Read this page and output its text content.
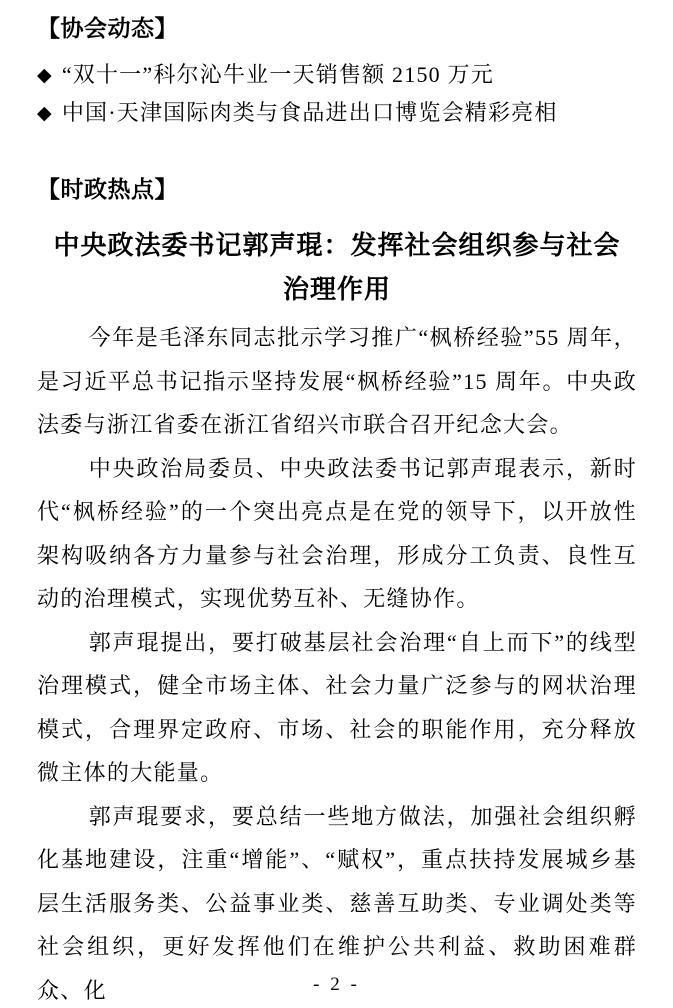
【协会动态】
◆ “双十一”科尔沁牛业一天销售额 2150 万元
◆ 中国·天津国际肉类与食品进出口博览会精彩亮相
【时政热点】
中央政法委书记郭声琨：发挥社会组织参与社会
治理作用

今年是毛泽东同志批示学习推广“枫桥经验”55 周年，是习近平总书记指示坚持发展“枫桥经验”15 周年。中央政法委与浙江省委在浙江省绍兴市联合召开纪念大会。

中央政治局委员、中央政法委书记郭声琨表示，新时代“枫桥经验”的一个突出亮点是在党的领导下，以开放性架构吸纳各方力量参与社会治理，形成分工负责、良性互动的治理模式，实现优势互补、无缝协作。

郭声琨提出，要打破基层社会治理“自上而下”的线型治理模式，健全市场主体、社会力量广泛参与的网状治理模式，合理界定政府、市场、社会的职能作用，充分释放微主体的大能量。

郭声琨要求，要总结一些地方做法，加强社会组织孵化基地建设，注重“增能”、“赋权”，重点扶持发展城乡基层生活服务类、公益事业类、慈善互助类、专业调处类等社会组织，更好发挥他们在维护公共利益、救助困难群众、化	- 2 -
